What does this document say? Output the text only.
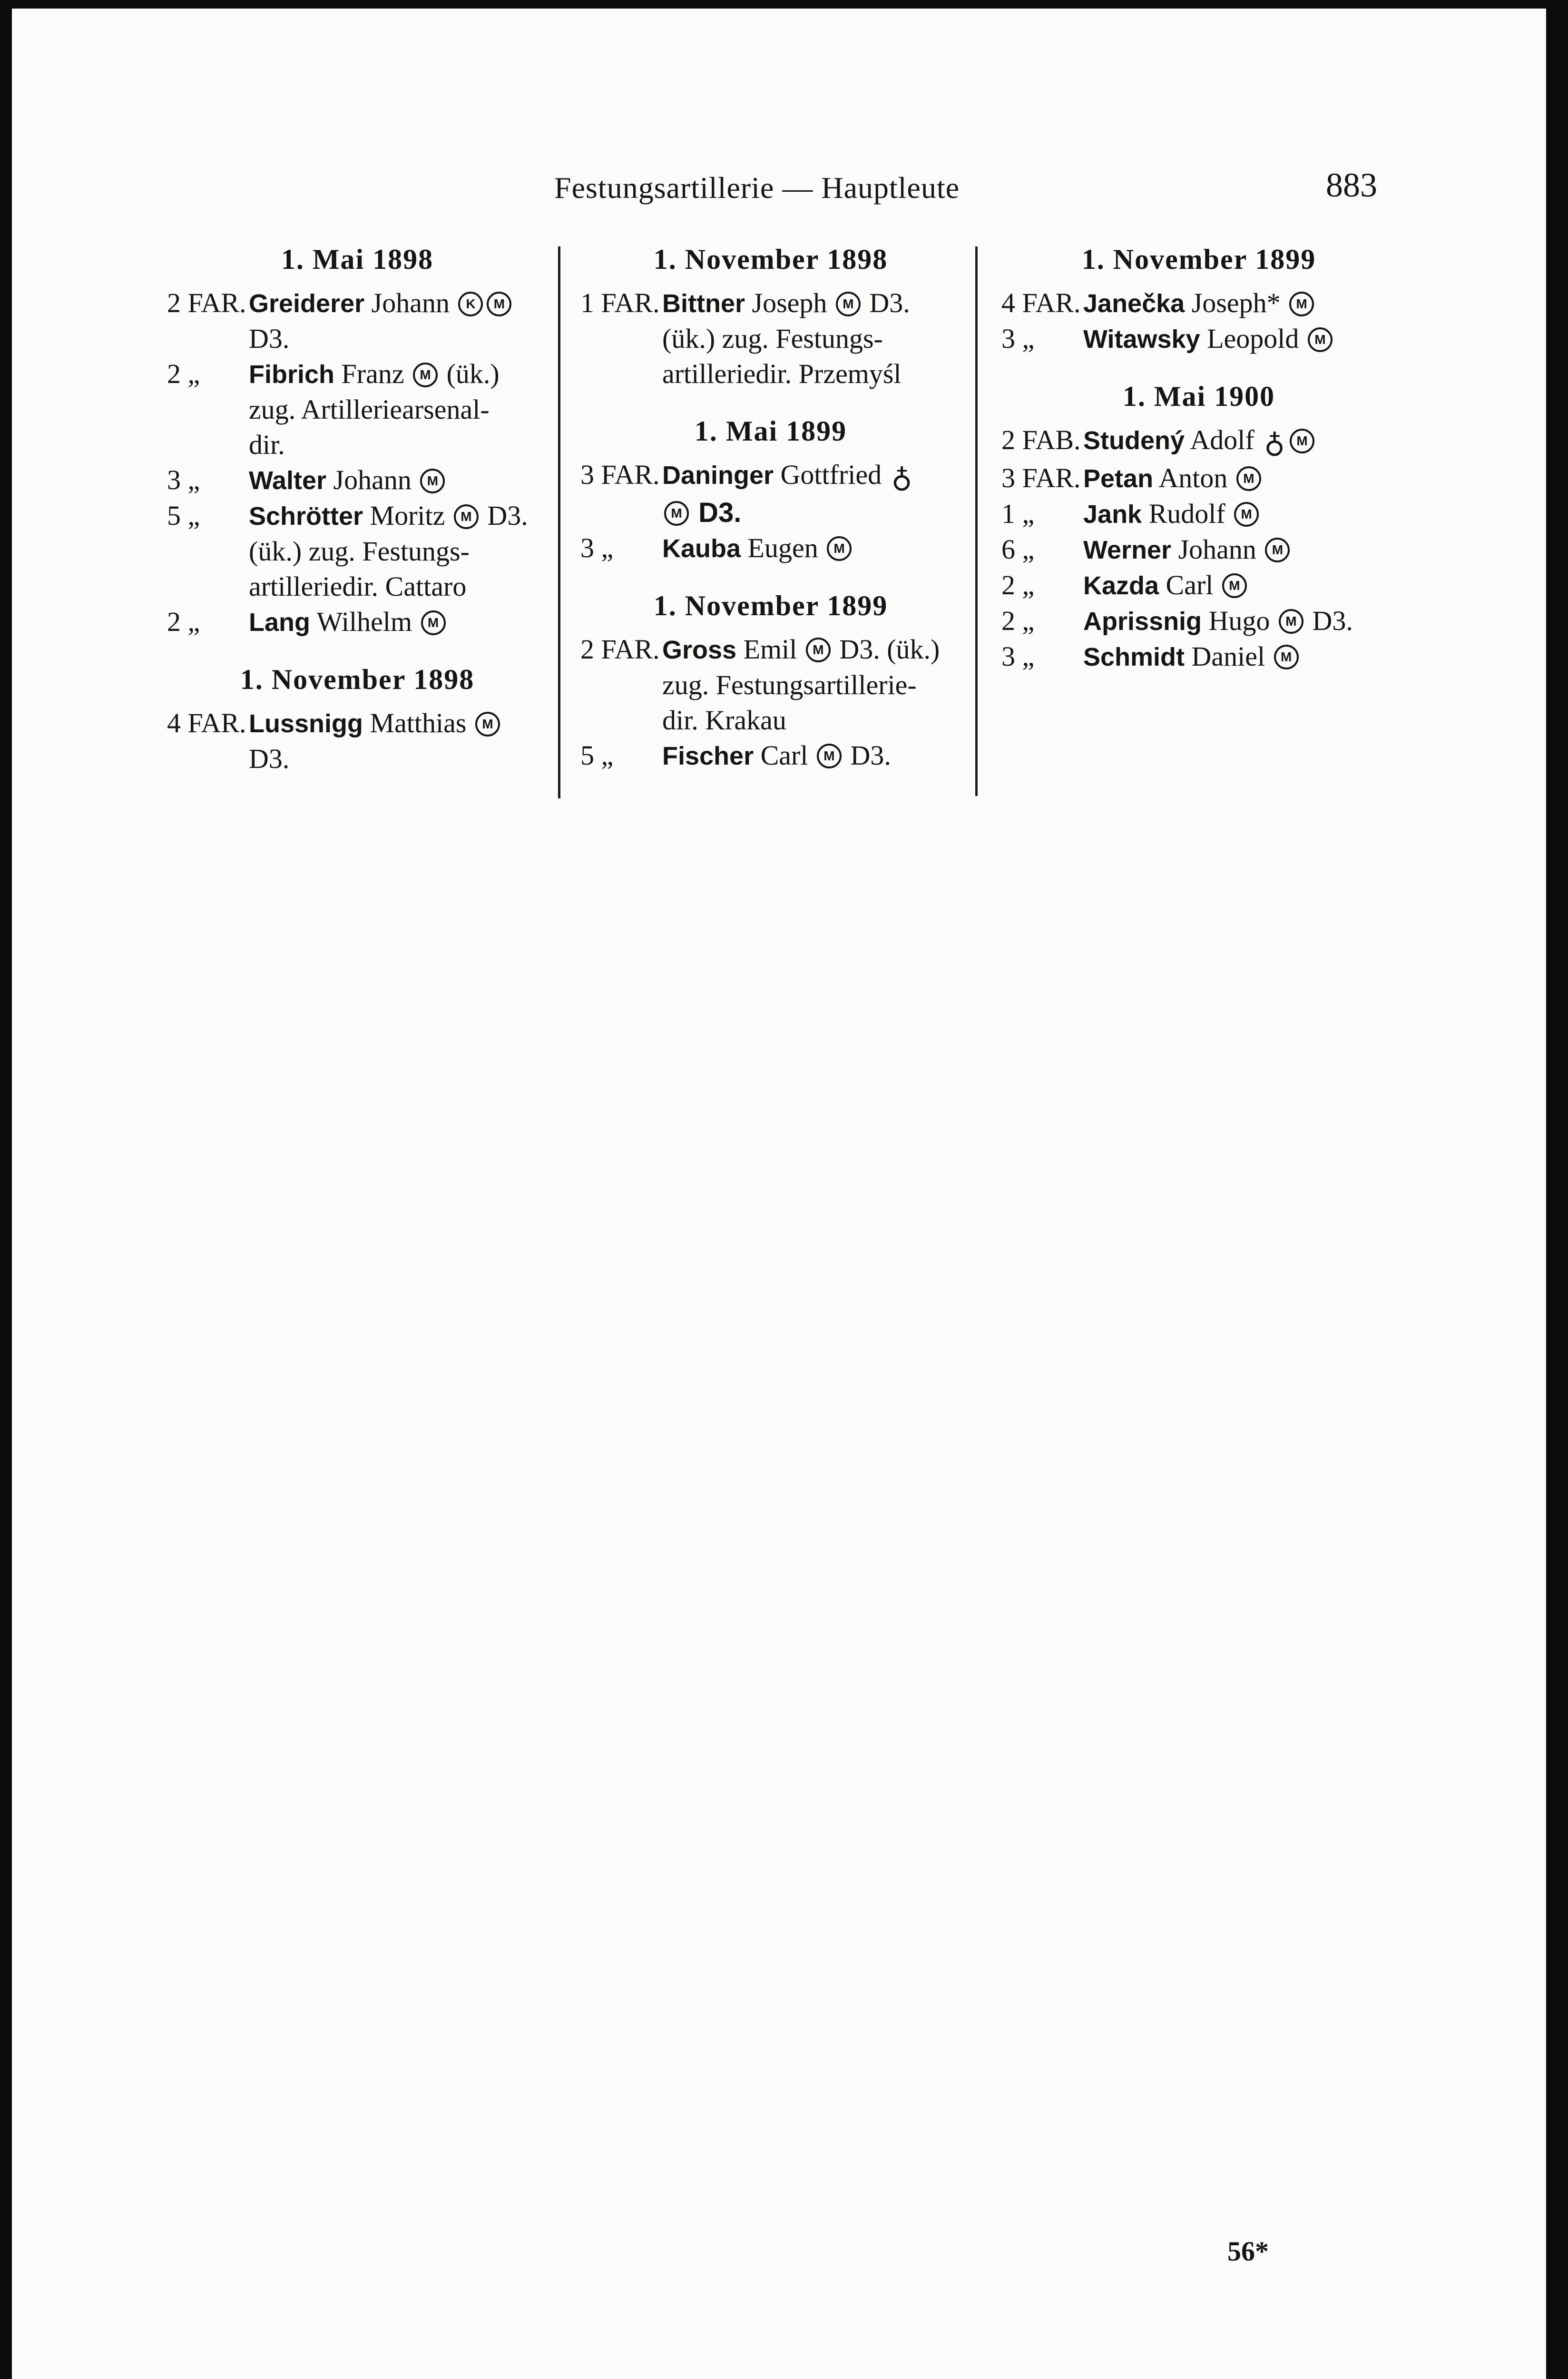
Festungsartillerie — Hauptleute	883
1. Mai 1898
2 FAR. Greiderer Johann K M
D3.
2 „	Fibrich Franz M (ük.)
zug. Artilleriearsenal-
dir.
3 „	Walter Johann M
5 „	Schrötter Moritz M D3.
(ük.) zug. Festungs-
artilleriedir. Cattaro
2 „	Lang Wilhelm M
1. November 1898
4 FAR. Lussnigg Matthias M
D3.
1. November 1898
1 FAR. Bittner Joseph M D3.
(ük.) zug. Festungs-
artilleriedir. Przemyśl
1. Mai 1899
3 FAR. Daninger Gottfried ♁
M D3.
3 „	Kauba Eugen M
1. November 1899
2 FAR. Gross Emil M D3. (ük.)
zug. Festungsartillerie-
dir. Krakau
5 „	Fischer Carl M D3.
1. November 1899
4 FAR. Janečka Joseph* M
3 „	Witawsky Leopold M
1. Mai 1900
2 FAB. Studený Adolf ♁ M
3 FAR. Petan Anton M
1 „	Jank Rudolf M
6 „	Werner Johann M
2 „	Kazda Carl M
2 „	Aprissnig Hugo M D3.
3 „	Schmidt Daniel M
56*
